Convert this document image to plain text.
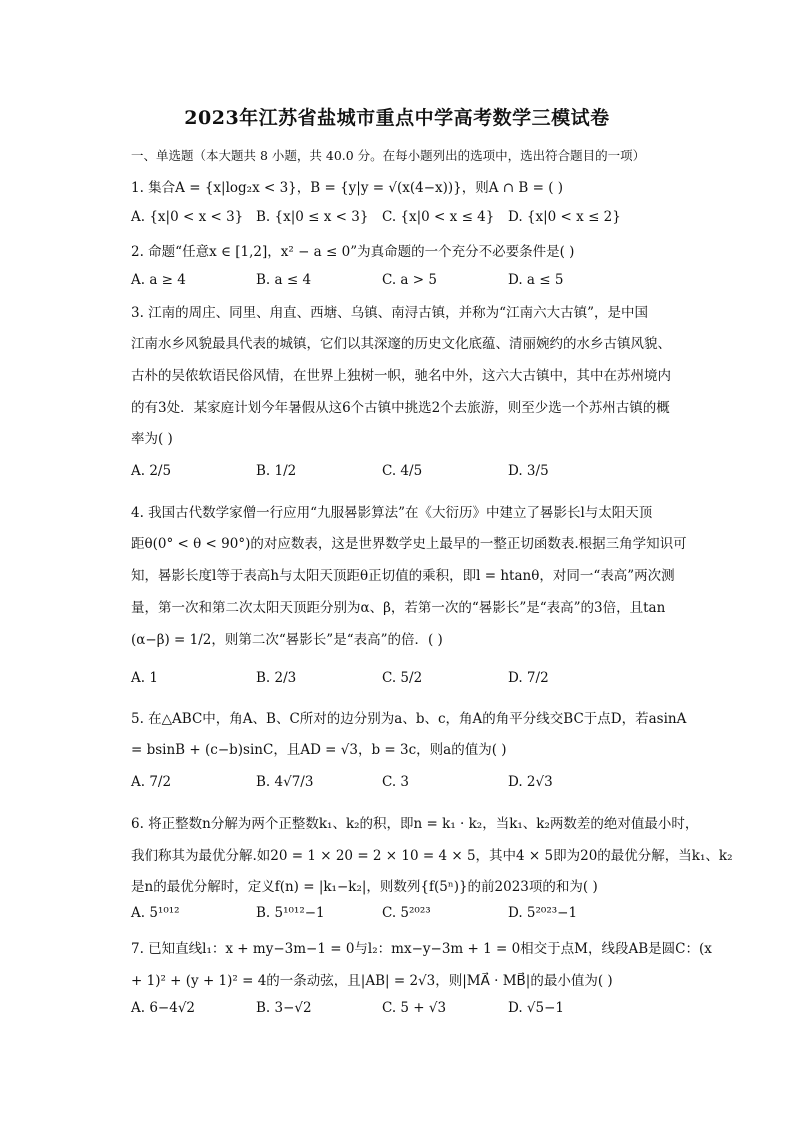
2023年江苏省盐城市重点中学高考数学三模试卷
一、单选题（本大题共 8 小题，共 40.0 分。在每小题列出的选项中，选出符合题目的一项）
1. 集合A = {x|log₂x < 3}，B = {y|y = √(x(4−x))}，则A ∩ B = ( )
A. {x|0 < x < 3} B. {x|0 ≤ x < 3} C. {x|0 < x ≤ 4} D. {x|0 < x ≤ 2}
2. 命题“任意x ∈ [1,2]，x² − a ≤ 0”为真命题的一个充分不必要条件是( )
A. a ≥ 4	B. a ≤ 4	C. a > 5	D. a ≤ 5
3. 江南的周庄、同里、甪直、西塘、乌镇、南浔古镇，并称为“江南六大古镇”，是中国
江南水乡风貌最具代表的城镇，它们以其深邃的历史文化底蕴、清丽婉约的水乡古镇风貌、
古朴的吴侬软语民俗风情，在世界上独树一帜，驰名中外，这六大古镇中，其中在苏州境内
的有3处．某家庭计划今年暑假从这6个古镇中挑选2个去旅游，则至少选一个苏州古镇的概
率为( )
A. 2/5	B. 1/2	C. 4/5	D. 3/5
4. 我国古代数学家僧一行应用“九服晷影算法”在《大衍历》中建立了晷影长l与太阳天顶
距θ(0° < θ < 90°)的对应数表，这是世界数学史上最早的一整正切函数表.根据三角学知识可
知，晷影长度l等于表高h与太阳天顶距θ正切值的乘积，即l = htanθ，对同一“表高”两次测
量，第一次和第二次太阳天顶距分别为α、β，若第一次的“晷影长”是“表高”的3倍，且tan
(α−β) = 1/2，则第二次“晷影长”是“表高”的倍．( )
A. 1	B. 2/3	C. 5/2	D. 7/2
5. 在△ABC中，角A、B、C所对的边分别为a、b、c，角A的角平分线交BC于点D，若asinA
= bsinB + (c−b)sinC，且AD = √3，b = 3c，则a的值为( )
A. 7/2	B. 4√7/3	C. 3	D. 2√3
6. 将正整数n分解为两个正整数k₁、k₂的积，即n = k₁ · k₂，当k₁、k₂两数差的绝对值最小时，
我们称其为最优分解.如20 = 1 × 20 = 2 × 10 = 4 × 5，其中4 × 5即为20的最优分解，当k₁、k₂
是n的最优分解时，定义f(n) = |k₁−k₂|，则数列{f(5ⁿ)}的前2023项的和为( )
A. 5¹⁰¹²	B. 5¹⁰¹²−1	C. 5²⁰²³	D. 5²⁰²³−1
7. 已知直线l₁：x + my−3m−1 = 0与l₂：mx−y−3m + 1 = 0相交于点M，线段AB是圆C：(x
+ 1)² + (y + 1)² = 4的一条动弦，且|AB| = 2√3，则|MA⃗ · MB⃗|的最小值为( )
A. 6−4√2	B. 3−√2	C. 5 + √3	D. √5−1
